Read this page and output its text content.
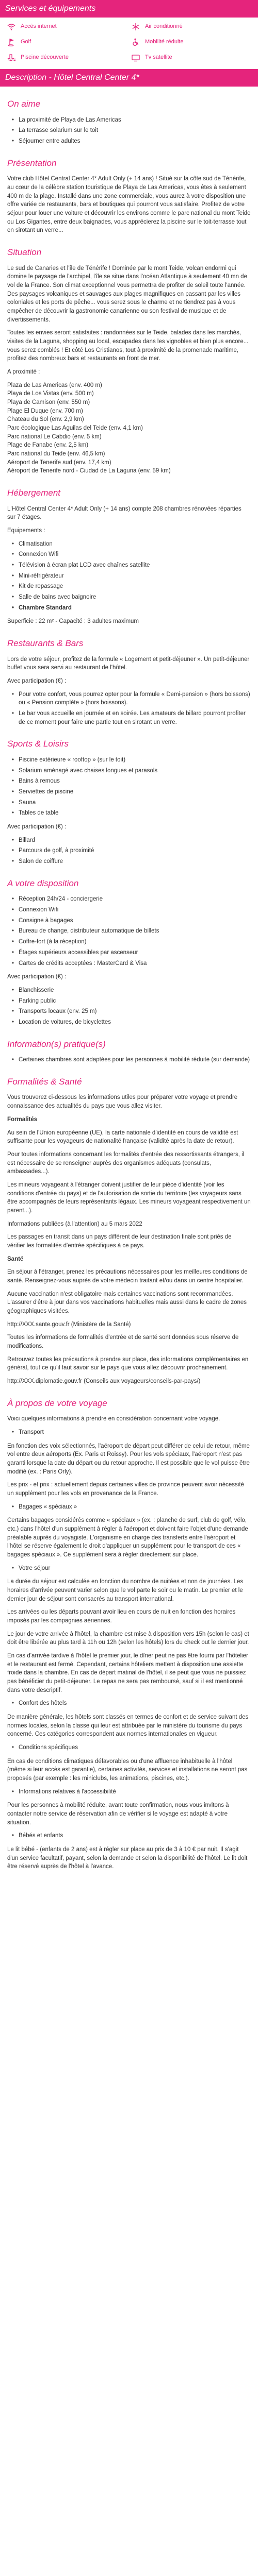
Services et équipements
Accès internet	Air conditionné
Golf	Mobilité réduite
Piscine découverte	Tv satellite
Description - Hôtel Central Center 4*
On aime
• La proximité de Playa de Las Americas
• La terrasse solarium sur le toit
• Séjourner entre adultes
Présentation

Votre club Hôtel Central Center 4* Adult Only (+ 14 ans) ! Situé sur la côte sud de Ténérife, au cœur de la célèbre station touristique de Playa de Las Americas, vous êtes à seulement 400 m de la plage. Installé dans une zone commerciale, vous aurez à votre disposition une offre variée de restaurants, bars et boutiques qui pourront vous satisfaire. Profitez de votre séjour pour louer une voiture et découvrir les environs comme le parc national du mont Teide ou Los Gigantes, entre deux baignades, vous apprécierez la piscine sur le toit-terrasse tout en sirotant un verre...

Situation

Le sud de Canaries et l'île de Ténérife ! Dominée par le mont Teide, volcan endormi qui domine le paysage de l'archipel, l'île se situe dans l'océan Atlantique à seulement 40 mn de vol de la France. Son climat exceptionnel vous permettra de profiter de soleil toute l'année. Des paysages volcaniques et sauvages aux plages magnifiques en passant par les villes coloniales et les ports de pêche... vous serez sous le charme et ne tiendrez pas à vous empêcher de découvrir la gastronomie canarienne ou son festival de musique et de divertissements.

Toutes les envies seront satisfaites : randonnées sur le Teide, balades dans les marchés, visites de la Laguna, shopping au local, escapades dans les vignobles et bien plus encore... vous serez comblés ! Et côté Los Cristianos, tout à proximité de la promenade maritime, profitez des nombreux bars et restaurants en front de mer.

A proximité :

Plaza de Las Americas (env. 400 m)
Playa de Los Vistas (env. 500 m)
Playa de Camison (env. 550 m)
Plage El Duque (env. 700 m)
Chateau du Sol (env. 2,9 km)
Parc écologique Las Aguilas del Teide (env. 4,1 km)
Parc national Le Cabdio (env. 5 km)
Plage de Fanabe (env. 2,5 km)
Parc national du Teide (env. 46,5 km)
Aéroport de Tenerife sud (env. 17,4 km)
Aéroport de Tenerife nord - Ciudad de La Laguna (env. 59 km)

Hébergement

L'Hôtel Central Center 4* Adult Only (+ 14 ans) compte 208 chambres rénovées réparties sur 7 étages.

Equipements :

• Climatisation
• Connexion Wifi
• Télévision à écran plat LCD avec chaînes satellite
• Mini-réfrigérateur
• Kit de repassage
• Salle de bains avec baignoire
• Chambre Standard

Superficie : 22 m² - Capacité : 3 adultes maximum

Restaurants & Bars

Lors de votre séjour, profitez de la formule « Logement et petit-déjeuner ». Un petit-déjeuner buffet vous sera servi au restaurant de l'hôtel.

Avec participation (€) :

• Pour votre confort, vous pourrez opter pour la formule « Demi-pension » (hors boissons) ou « Pension complète » (hors boissons).
• Le bar vous accueille en journée et en soirée. Les amateurs de billard pourront profiter de ce moment pour faire une partie tout en sirotant un verre.
Sports & Loisirs
• Piscine extérieure « rooftop » (sur le toit)
• Solarium aménagé avec chaises longues et parasols
• Bains à remous
• Serviettes de piscine
• Sauna
• Tables de table

Avec participation (€) :

• Billard
• Parcours de golf, à proximité
• Salon de coiffure
A votre disposition
• Réception 24h/24 - conciergerie
• Connexion Wifi
• Consigne à bagages
• Bureau de change, distributeur automatique de billets
• Coffre-fort (à la réception)
• Étages supérieurs accessibles par ascenseur
• Cartes de crédits acceptées : MasterCard & Visa

Avec participation (€) :

• Blanchisserie
• Parking public
• Transports locaux (env. 25 m)
• Location de voitures, de bicyclettes
Information(s) pratique(s)
• Certaines chambres sont adaptées pour les personnes à mobilité réduite (sur demande)
Formalités & Santé

Vous trouverez ci-dessous les informations utiles pour préparer votre voyage et prendre connaissance des actualités du pays que vous allez visiter.

Formalités

Au sein de l'Union européenne (UE), la carte nationale d'identité en cours de validité est suffisante pour les voyageurs de nationalité française (validité après la date de retour).

Pour toutes informations concernant les formalités d'entrée des ressortissants étrangers, il est nécessaire de se renseigner auprès des organismes adéquats (consulats, ambassades...).

Les mineurs voyageant à l'étranger doivent justifier de leur pièce d'identité (voir les conditions d'entrée du pays) et de l'autorisation de sortie du territoire (les voyageurs sans être accompagnés de leurs représentants légaux. Les mineurs voyageant respectivement un parent...).

Informations publiées (à l'attention) au 5 mars 2022

Les passages en transit dans un pays différent de leur destination finale sont priés de vérifier les formalités d'entrée spécifiques à ce pays.

Santé

En séjour à l'étranger, prenez les précautions nécessaires pour les meilleures conditions de santé. Renseignez-vous auprès de votre médecin traitant et/ou dans un centre hospitalier.

Aucune vaccination n'est obligatoire mais certaines vaccinations sont recommandées. L'assurer d'être à jour dans vos vaccinations habituelles mais aussi dans le cadre de zones géographiques visitées.

http://XXX.sante.gouv.fr (Ministère de la Santé)

Toutes les informations de formalités d'entrée et de santé sont données sous réserve de modifications.

Retrouvez toutes les précautions à prendre sur place, des informations complémentaires en général, tout ce qu'il faut savoir sur le pays que vous allez découvrir prochainement.

http://XXX.diplomatie.gouv.fr (Conseils aux voyageurs/conseils-par-pays/)

À propos de votre voyage

Voici quelques informations à prendre en considération concernant votre voyage.

• Transport

En fonction des voix sélectionnés, l'aéroport de départ peut différer de celui de retour, même vol entre deux aéroports (Ex. Paris et Roissy). Pour les vols spéciaux, l'aéroport n'est pas garanti lorsque la date du départ ou du retour approche. Il est possible que le vol puisse être modifié (ex. : Paris Orly).

Les prix - et prix : actuellement depuis certaines villes de province peuvent avoir nécessité un supplément pour les vols en provenance de la France.

• Bagages « spéciaux »

Certains bagages considérés comme « spéciaux » (ex. : planche de surf, club de golf, vélo, etc.) dans l'hôtel d'un supplément à régler à l'aéroport et doivent faire l'objet d'une demande préalable auprès du voyagiste. L'organisme en charge des transferts entre l'aéroport et l'hôtel se réserve également le droit d'appliquer un supplément pour le transport de ces « bagages spéciaux ». Ce supplément sera à régler directement sur place.

• Votre séjour

La durée du séjour est calculée en fonction du nombre de nuitées et non de journées. Les horaires d'arrivée peuvent varier selon que le vol parte le soir ou le matin. Le premier et le dernier jour de séjour sont consacrés au transport international.

Les arrivées ou les départs pouvant avoir lieu en cours de nuit en fonction des horaires imposés par les compagnies aériennes.

Le jour de votre arrivée à l'hôtel, la chambre est mise à disposition vers 15h (selon le cas) et doit être libérée au plus tard à 11h ou 12h (selon les hôtels) lors du check out le dernier jour.

En cas d'arrivée tardive à l'hôtel le premier jour, le dîner peut ne pas être fourni par l'hôtelier et le restaurant est fermé. Cependant, certains hôteliers mettent à disposition une assiette froide dans la chambre. En cas de départ matinal de l'hôtel, il se peut que vous ne puissiez pas bénéficier du petit-déjeuner. Le repas ne sera pas remboursé, sauf si il est mentionné dans votre descriptif.

• Confort des hôtels

De manière générale, les hôtels sont classés en termes de confort et de service suivant des normes locales, selon la classe qui leur est attribuée par le ministère du tourisme du pays concerné. Ces catégories correspondent aux normes internationales en vigueur.

• Conditions spécifiques

En cas de conditions climatiques défavorables ou d'une affluence inhabituelle à l'hôtel (même si leur accès est garantie), certaines activités, services et installations ne seront pas proposés (par exemple : les miniclubs, les animations, piscines, etc.).

• Informations relatives à l'accessibilité

Pour les personnes à mobilité réduite, avant toute confirmation, nous vous invitons à contacter notre service de réservation afin de vérifier si le voyage est adapté à votre situation.

• Bébés et enfants

Le lit bébé - (enfants de 2 ans) est à régler sur place au prix de 3 à 10 € par nuit. Il s'agit d'un service facultatif, payant, selon la demande et selon la disponibilité de l'hôtel. Le lit doit être réservé auprès de l'hôtel à l'avance.
